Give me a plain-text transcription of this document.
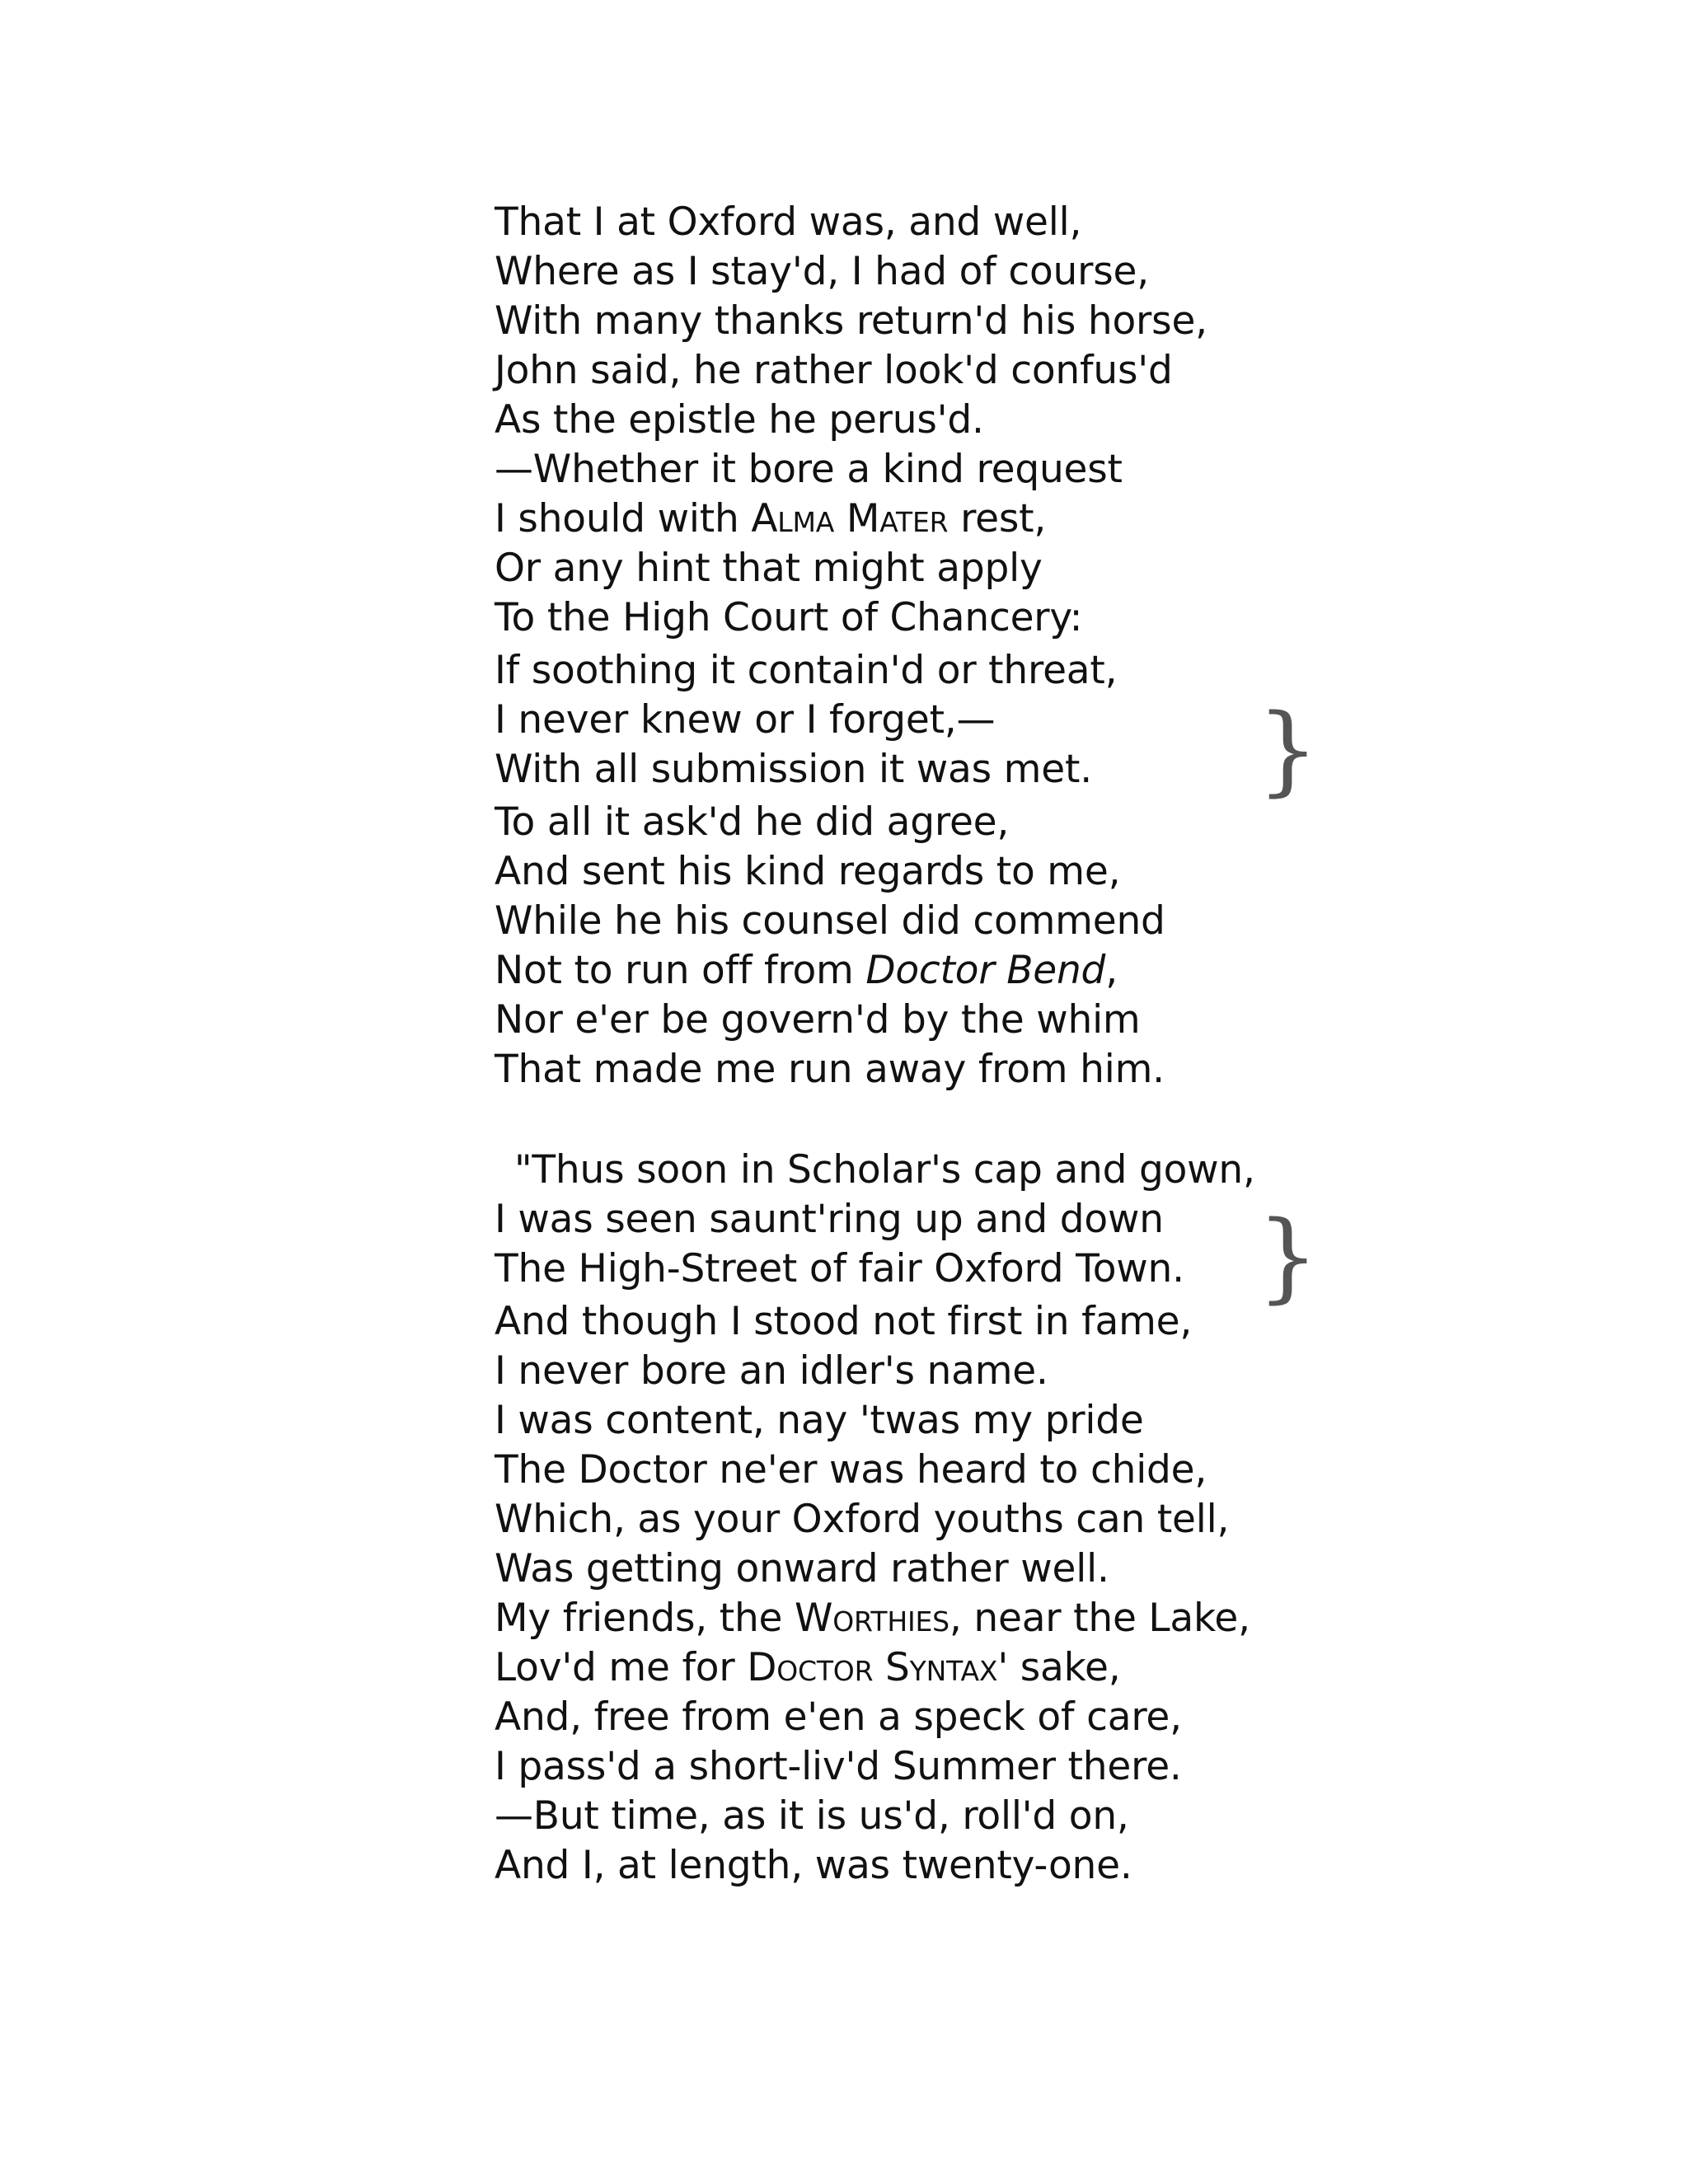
That I at Oxford was, and well,
Where as I stay'd, I had of course,
With many thanks return'd his horse,
John said, he rather look'd confus'd
As the epistle he perus'd.
—Whether it bore a kind request
I should with Alma Mater rest,
Or any hint that might apply
To the High Court of Chancery:
If soothing it contain'd or threat,
I never knew or I forget,—
With all submission it was met.
To all it ask'd he did agree,
And sent his kind regards to me,
While he his counsel did commend
Not to run off from Doctor Bend,
Nor e'er be govern'd by the whim
That made me run away from him.
}
"Thus soon in Scholar's cap and gown,
I was seen saunt'ring up and down
The High-Street of fair Oxford Town.
And though I stood not first in fame,
I never bore an idler's name.
I was content, nay 'twas my pride
The Doctor ne'er was heard to chide,
Which, as your Oxford youths can tell,
Was getting onward rather well.
My friends, the Worthies, near the Lake,
Lov'd me for Doctor Syntax' sake,
And, free from e'en a speck of care,
I pass'd a short-liv'd Summer there.
—But time, as it is us'd, roll'd on,
And I, at length, was twenty-one.
}
